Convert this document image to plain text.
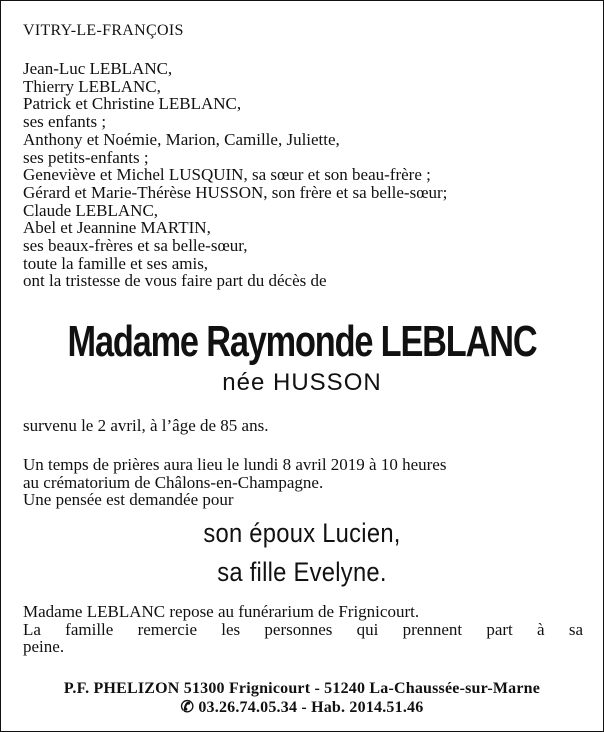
VITRY-LE-FRANÇOIS
Jean-Luc LEBLANC,
Thierry LEBLANC,
Patrick et Christine LEBLANC,
ses enfants ;
Anthony et Noémie, Marion, Camille, Juliette,
ses petits-enfants ;
Geneviève et Michel LUSQUIN, sa sœur et son beau-frère ;
Gérard et Marie-Thérèse HUSSON, son frère et sa belle-sœur;
Claude LEBLANC,
Abel et Jeannine MARTIN,
ses beaux-frères et sa belle-sœur,
toute la famille et ses amis,
ont la tristesse de vous faire part du décès de
Madame Raymonde LEBLANC
née HUSSON
survenu le 2 avril, à l’âge de 85 ans.
Un temps de prières aura lieu le lundi 8 avril 2019 à 10 heures
au crématorium de Châlons-en-Champagne.
Une pensée est demandée pour
son époux Lucien,
sa fille Evelyne.
Madame LEBLANC repose au funérarium de Frignicourt.
La famille remercie les personnes qui prennent part à sa
peine.
P.F. PHELIZON 51300 Frignicourt - 51240 La-Chaussée-sur-Marne
✆ 03.26.74.05.34 - Hab. 2014.51.46
